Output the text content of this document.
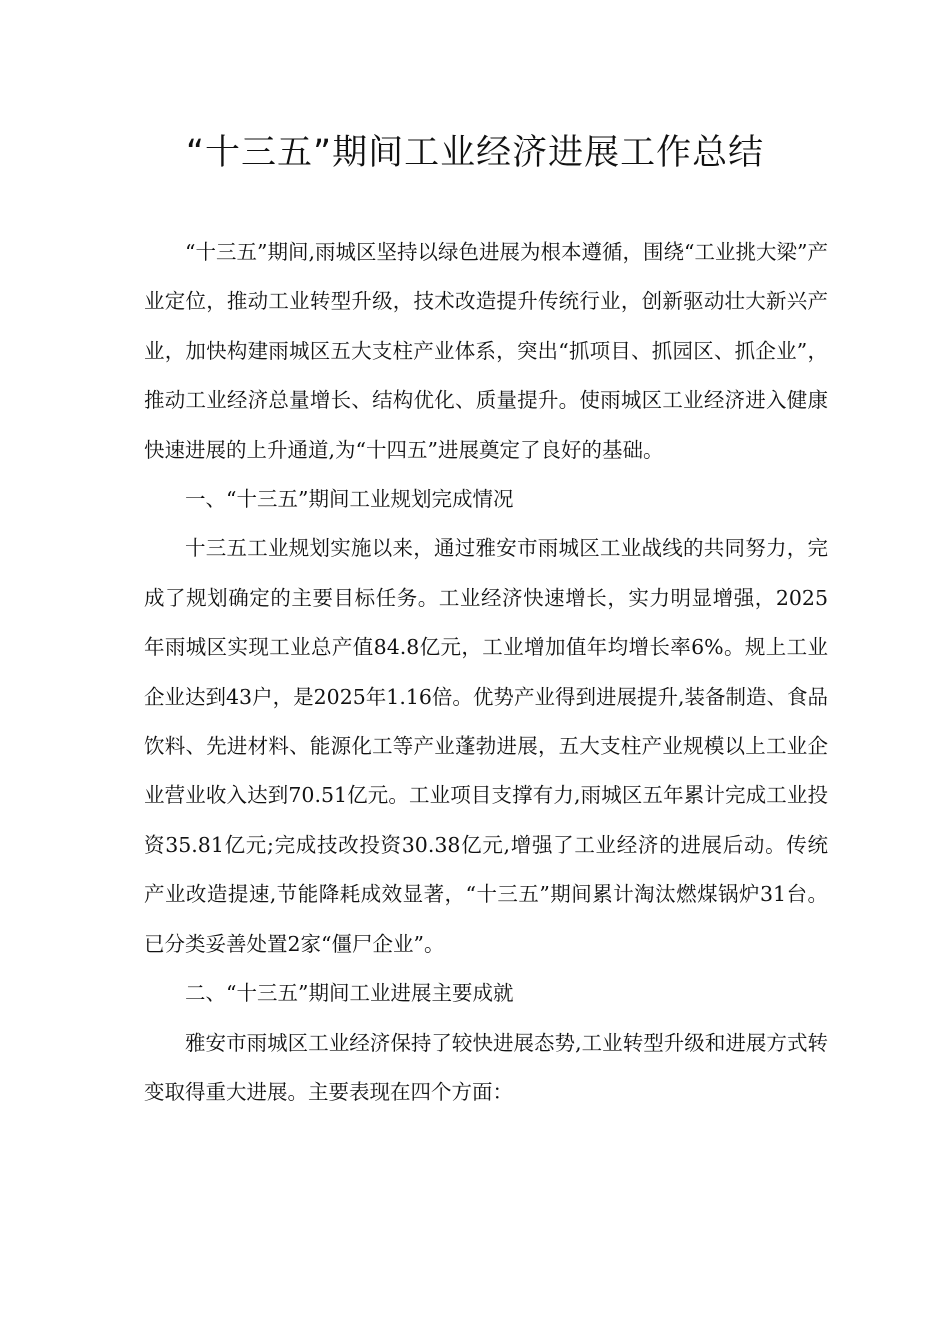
“十三五”期间工业经济进展工作总结

“十三五”期间,雨城区坚持以绿色进展为根本遵循，围绕“工业挑大梁”产业定位，推动工业转型升级，技术改造提升传统行业，创新驱动壮大新兴产业，加快构建雨城区五大支柱产业体系，突出“抓项目、抓园区、抓企业”，推动工业经济总量增长、结构优化、质量提升。使雨城区工业经济进入健康快速进展的上升通道,为“十四五”进展奠定了良好的基础。

一、“十三五”期间工业规划完成情况

十三五工业规划实施以来，通过雅安市雨城区工业战线的共同努力，完成了规划确定的主要目标任务。工业经济快速增长，实力明显增强，2025年雨城区实现工业总产值84.8亿元，工业增加值年均增长率6%。规上工业企业达到43户，是2025年1.16倍。优势产业得到进展提升,装备制造、食品饮料、先进材料、能源化工等产业蓬勃进展，五大支柱产业规模以上工业企业营业收入达到70.51亿元。工业项目支撑有力,雨城区五年累计完成工业投资35.81亿元;完成技改投资30.38亿元,增强了工业经济的进展后动。传统产业改造提速,节能降耗成效显著，“十三五”期间累计淘汰燃煤锅炉31台。已分类妥善处置2家“僵尸企业”。

二、“十三五”期间工业进展主要成就

雅安市雨城区工业经济保持了较快进展态势,工业转型升级和进展方式转变取得重大进展。主要表现在四个方面：
